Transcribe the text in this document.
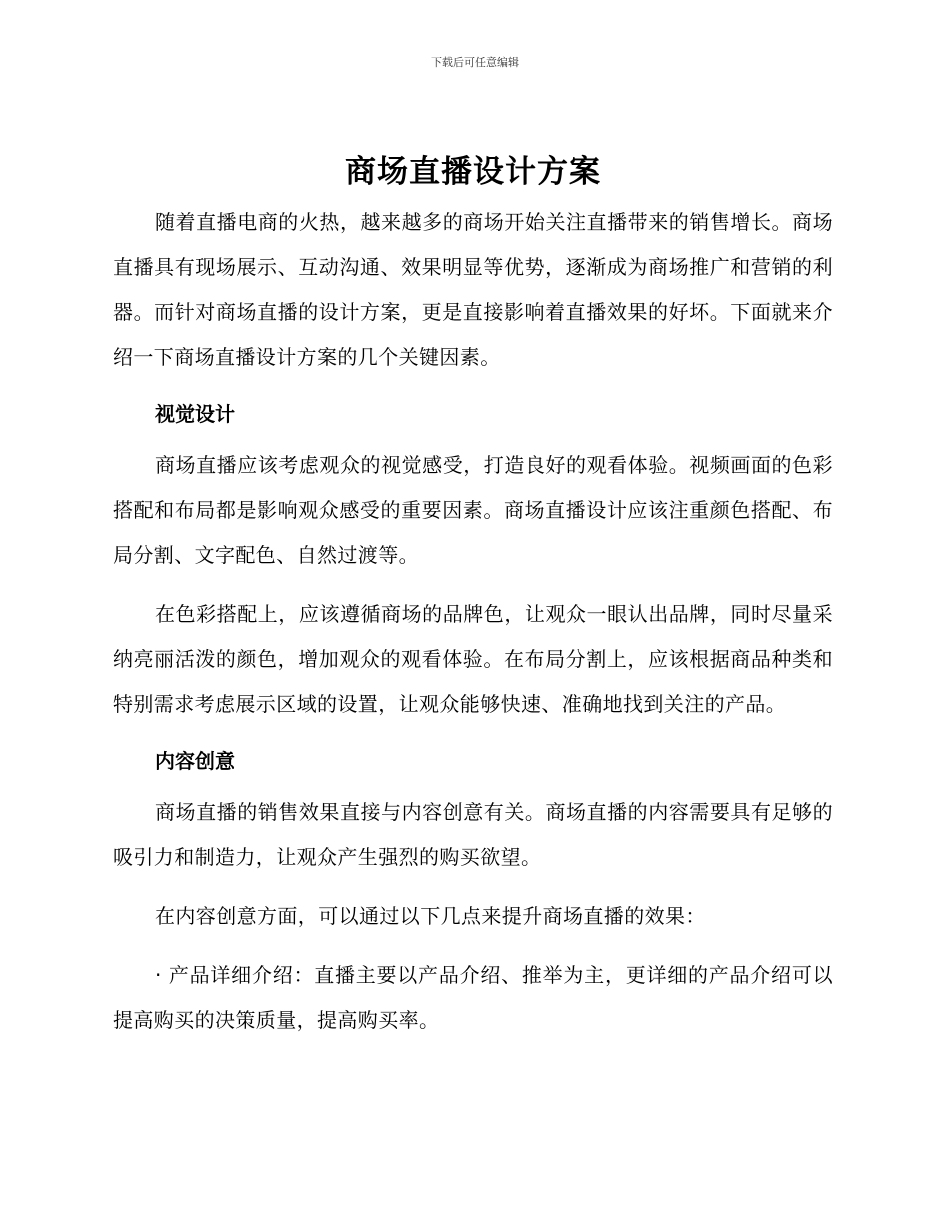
下载后可任意编辑
商场直播设计方案

随着直播电商的火热，越来越多的商场开始关注直播带来的销售增长。商场直播具有现场展示、互动沟通、效果明显等优势，逐渐成为商场推广和营销的利器。而针对商场直播的设计方案，更是直接影响着直播效果的好坏。下面就来介绍一下商场直播设计方案的几个关键因素。

视觉设计

商场直播应该考虑观众的视觉感受，打造良好的观看体验。视频画面的色彩搭配和布局都是影响观众感受的重要因素。商场直播设计应该注重颜色搭配、布局分割、文字配色、自然过渡等。

在色彩搭配上，应该遵循商场的品牌色，让观众一眼认出品牌，同时尽量采纳亮丽活泼的颜色，增加观众的观看体验。在布局分割上，应该根据商品种类和特别需求考虑展示区域的设置，让观众能够快速、准确地找到关注的产品。

内容创意

商场直播的销售效果直接与内容创意有关。商场直播的内容需要具有足够的吸引力和制造力，让观众产生强烈的购买欲望。

在内容创意方面，可以通过以下几点来提升商场直播的效果：

· 产品详细介绍：直播主要以产品介绍、推举为主，更详细的产品介绍可以提高购买的决策质量，提高购买率。
